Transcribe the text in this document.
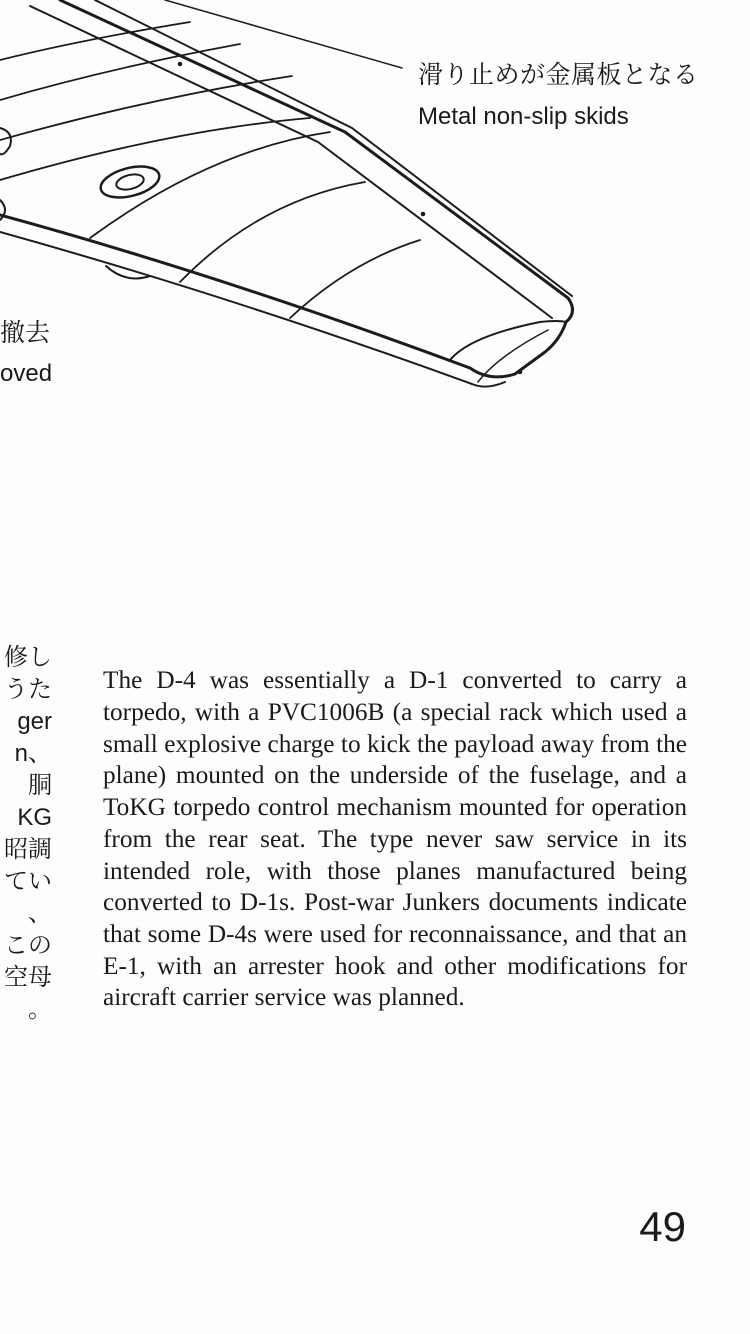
滑り止めが金属板となる
Metal non-slip skids
撤去
oved
修し
うた
ger
n、
胴
KG
昭調
てい
、
この
空母
。

The D-4 was essentially a D-1 converted to carry a torpedo, with a PVC1006B (a special rack which used a small explosive charge to kick the payload away from the plane) mounted on the underside of the fuselage, and a ToKG torpedo control mechanism mounted for operation from the rear seat. The type never saw service in its intended role, with those planes manufactured being converted to D-1s. Post-war Junkers documents indicate that some D-4s were used for reconnaissance, and that an E-1, with an arrester hook and other modifications for aircraft carrier service was planned.

49
